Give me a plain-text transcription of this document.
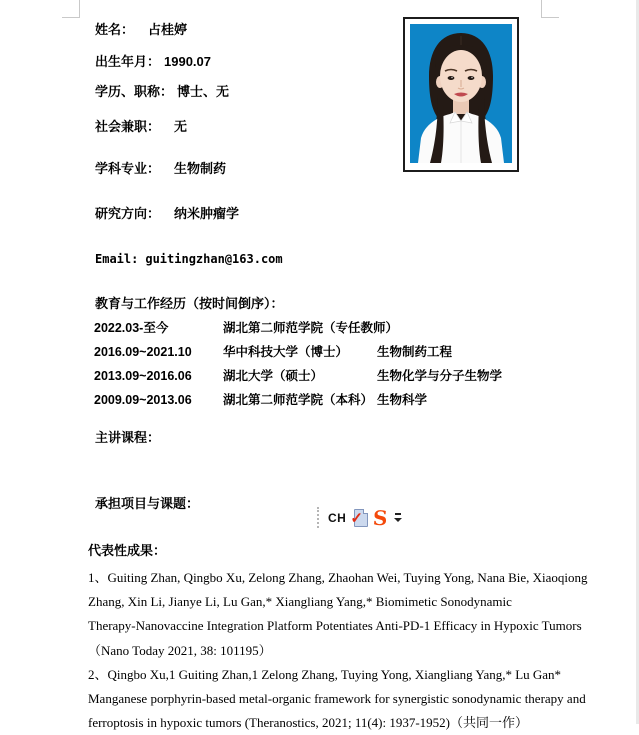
姓名： 占桂婷
出生年月： 1990.07
学历、职称： 博士、无
社会兼职： 无
学科专业： 生物制药
研究方向： 纳米肿瘤学
Email: guitingzhan@163.com
教育与工作经历（按时间倒序）：
2022.03-至今	湖北第二师范学院（专任教师）
2016.09~2021.10	华中科技大学（博士） 生物制药工程
2013.09~2016.06	湖北大学（硕士）	生物化学与分子生物学
2009.09~2013.06	湖北第二师范学院（本科） 生物科学
主讲课程：
承担项目与课题：
代表性成果：
1、Guiting Zhan, Qingbo Xu, Zelong Zhang, Zhaohan Wei, Tuying Yong, Nana Bie, Xiaoqiong
Zhang, Xin Li, Jianye Li, Lu Gan,* Xiangliang Yang,* Biomimetic Sonodynamic
Therapy-Nanovaccine Integration Platform Potentiates Anti-PD-1 Efficacy in Hypoxic Tumors
（Nano Today 2021, 38: 101195）
2、Qingbo Xu,1 Guiting Zhan,1 Zelong Zhang, Tuying Yong, Xiangliang Yang,* Lu Gan*
Manganese porphyrin-based metal-organic framework for synergistic sonodynamic therapy and
ferroptosis in hypoxic tumors (Theranostics, 2021; 11(4): 1937-1952)（共同一作）
CH ✓ S
